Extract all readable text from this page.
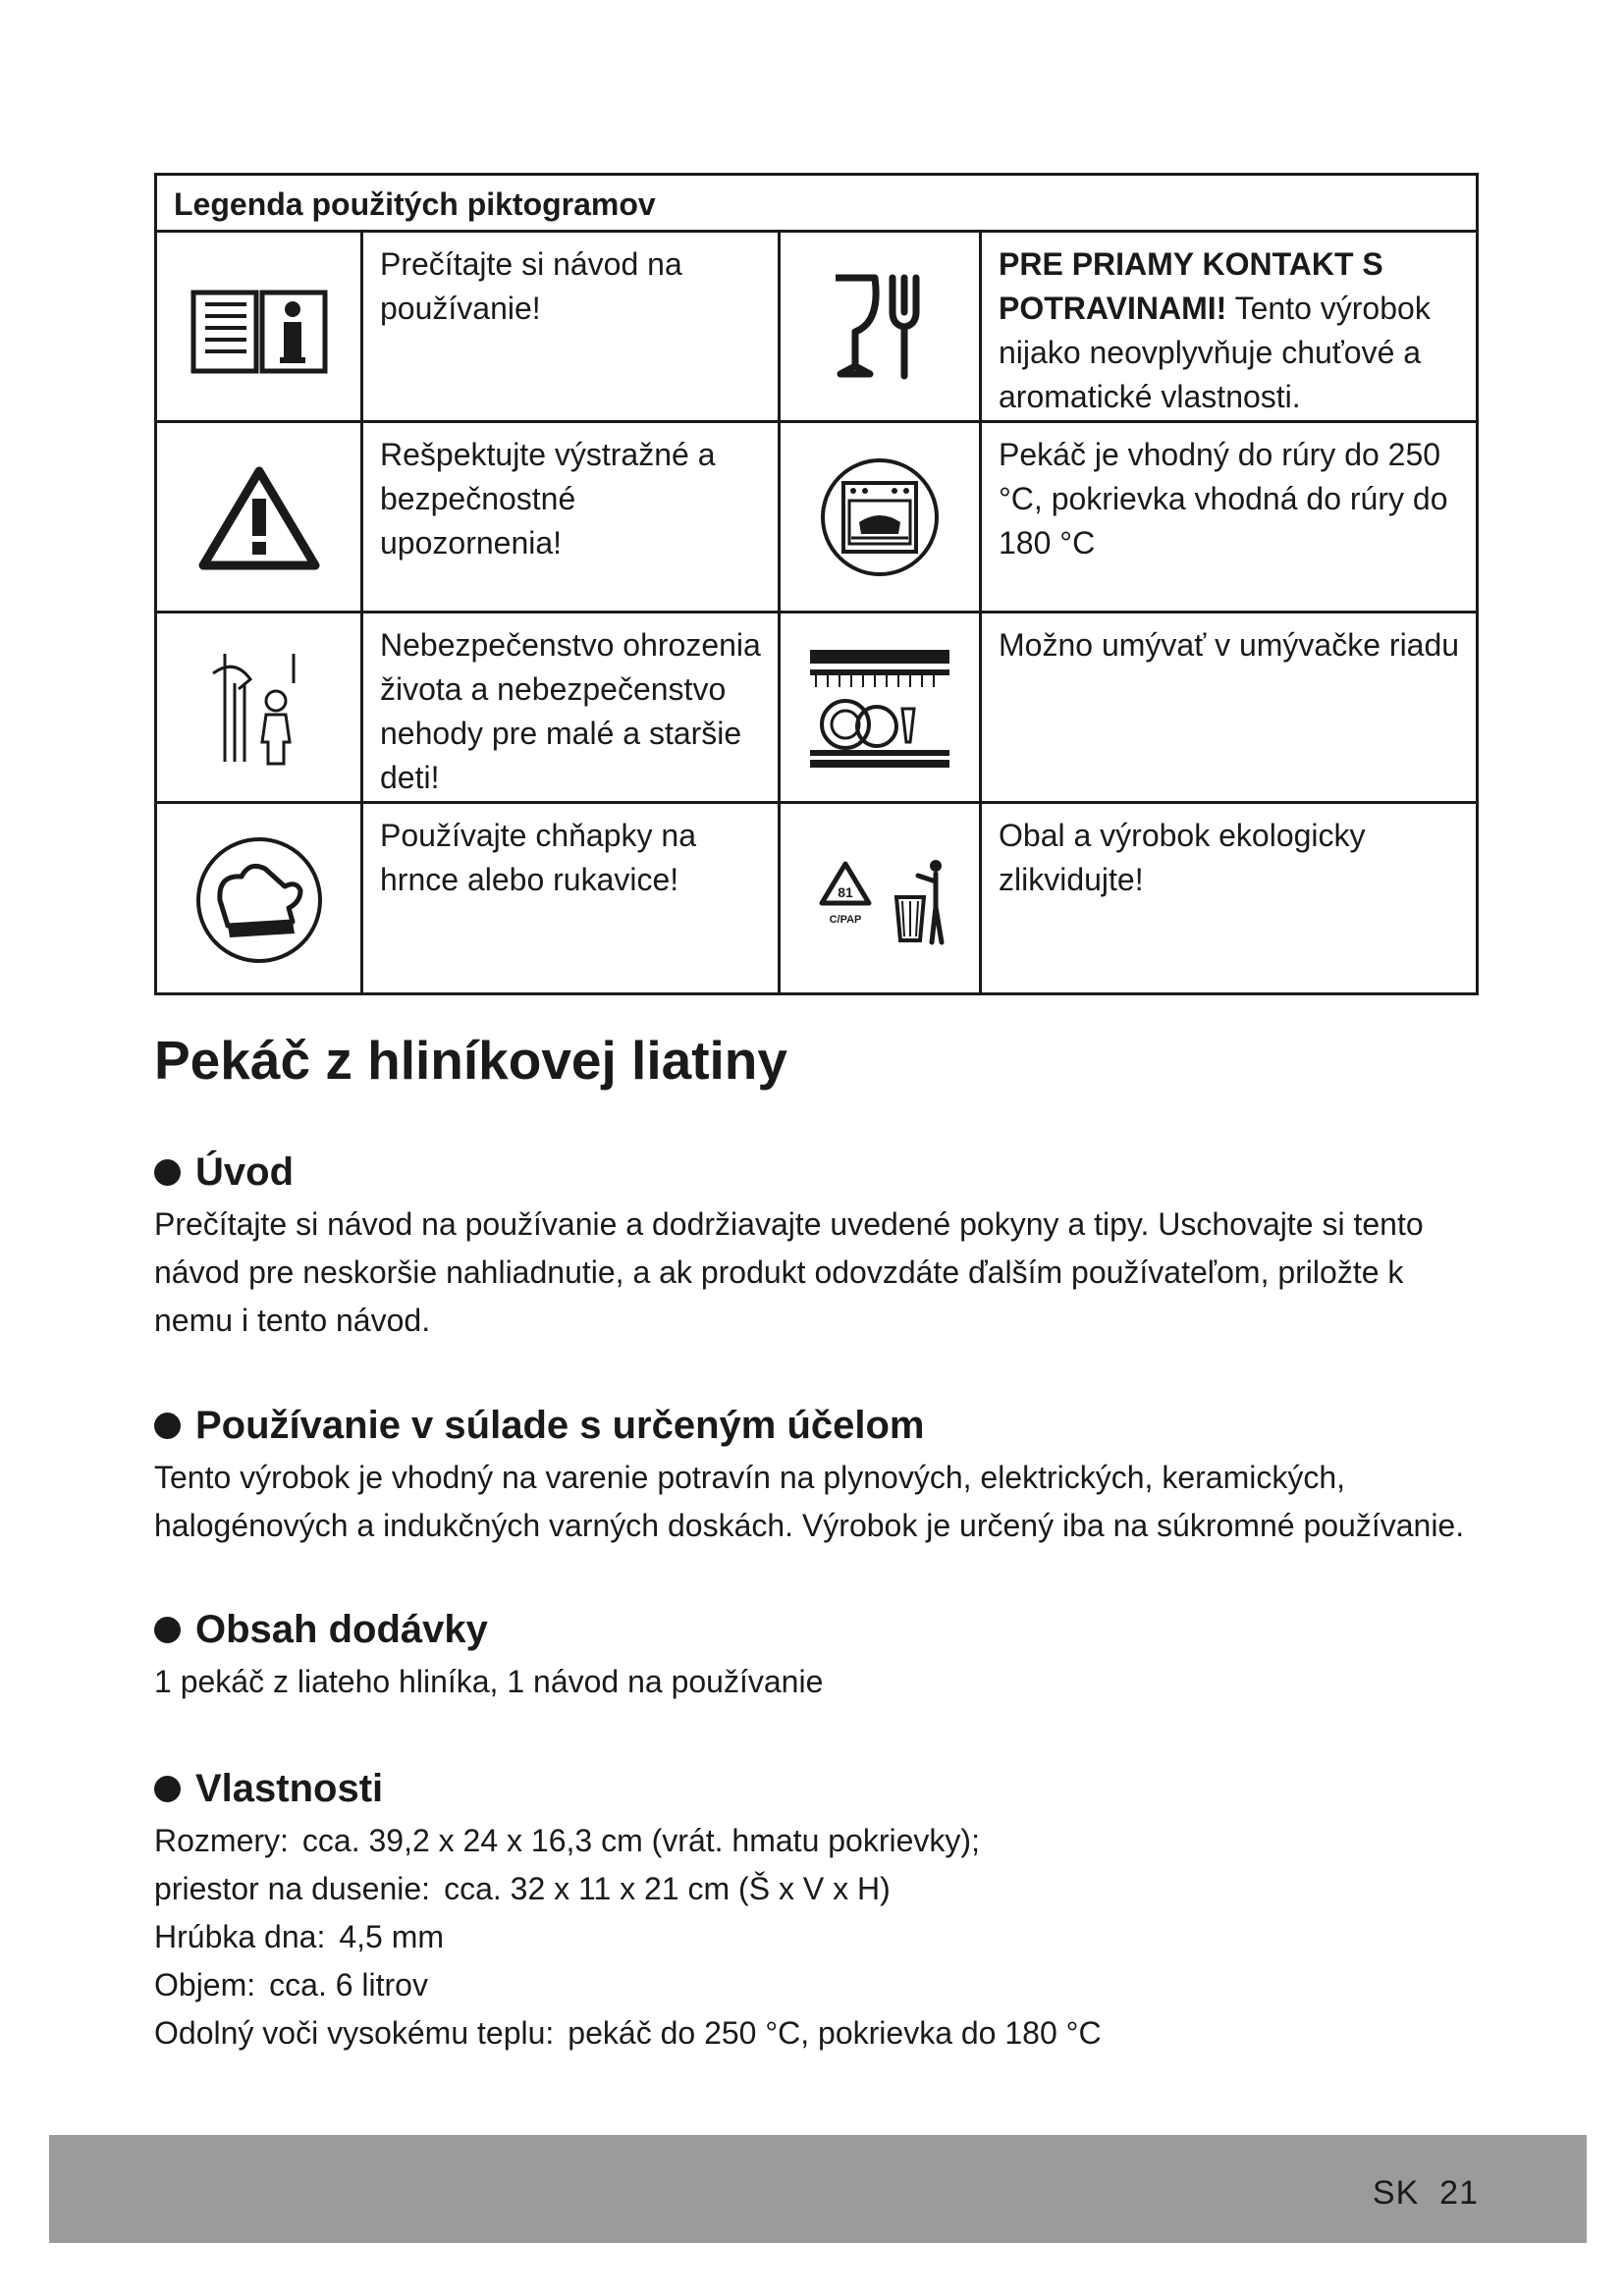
Legenda použitých piktogramov
Prečítajte si návod na používanie!
PRE PRIAMY KONTAKT S POTRAVINAMI! Tento výrobok nijako neovplyvňuje chuťové a aromatické vlastnosti.
Rešpektujte výstražné a bezpečnostné upozornenia!
Pekáč je vhodný do rúry do 250 °C, pokrievka vhodná do rúry do 180 °C
Nebezpečenstvo ohrozenia života a nebezpečenstvo nehody pre malé a staršie deti!
Možno umývať v umývačke riadu
Používajte chňapky na hrnce alebo rukavice!	81
C/PAP
Obal a výrobok ekologicky zlikvidujte!
Pekáč z hliníkovej liatiny
Úvod

Prečítajte si návod na používanie a dodržiavajte uvedené pokyny a tipy. Uschovajte si tento návod pre neskoršie nahliadnutie, a ak produkt odovzdáte ďalším používateľom, priložte k nemu i tento návod.

Používanie v súlade s určeným účelom

Tento výrobok je vhodný na varenie potravín na plynových, elektrických, keramických, halogénových a indukčných varných doskách. Výrobok je určený iba na súkromné používanie.

Obsah dodávky

1 pekáč z liateho hliníka, 1 návod na používanie

Vlastnosti
Rozmery: cca. 39,2 x 24 x 16,3 cm (vrát. hmatu pokrievky);
priestor na dusenie: cca. 32 x 11 x 21 cm (Š x V x H)
Hrúbka dna: 4,5 mm
Objem: cca. 6 litrov
Odolný voči vysokému teplu: pekáč do 250 °C, pokrievka do 180 °C
SK 21
